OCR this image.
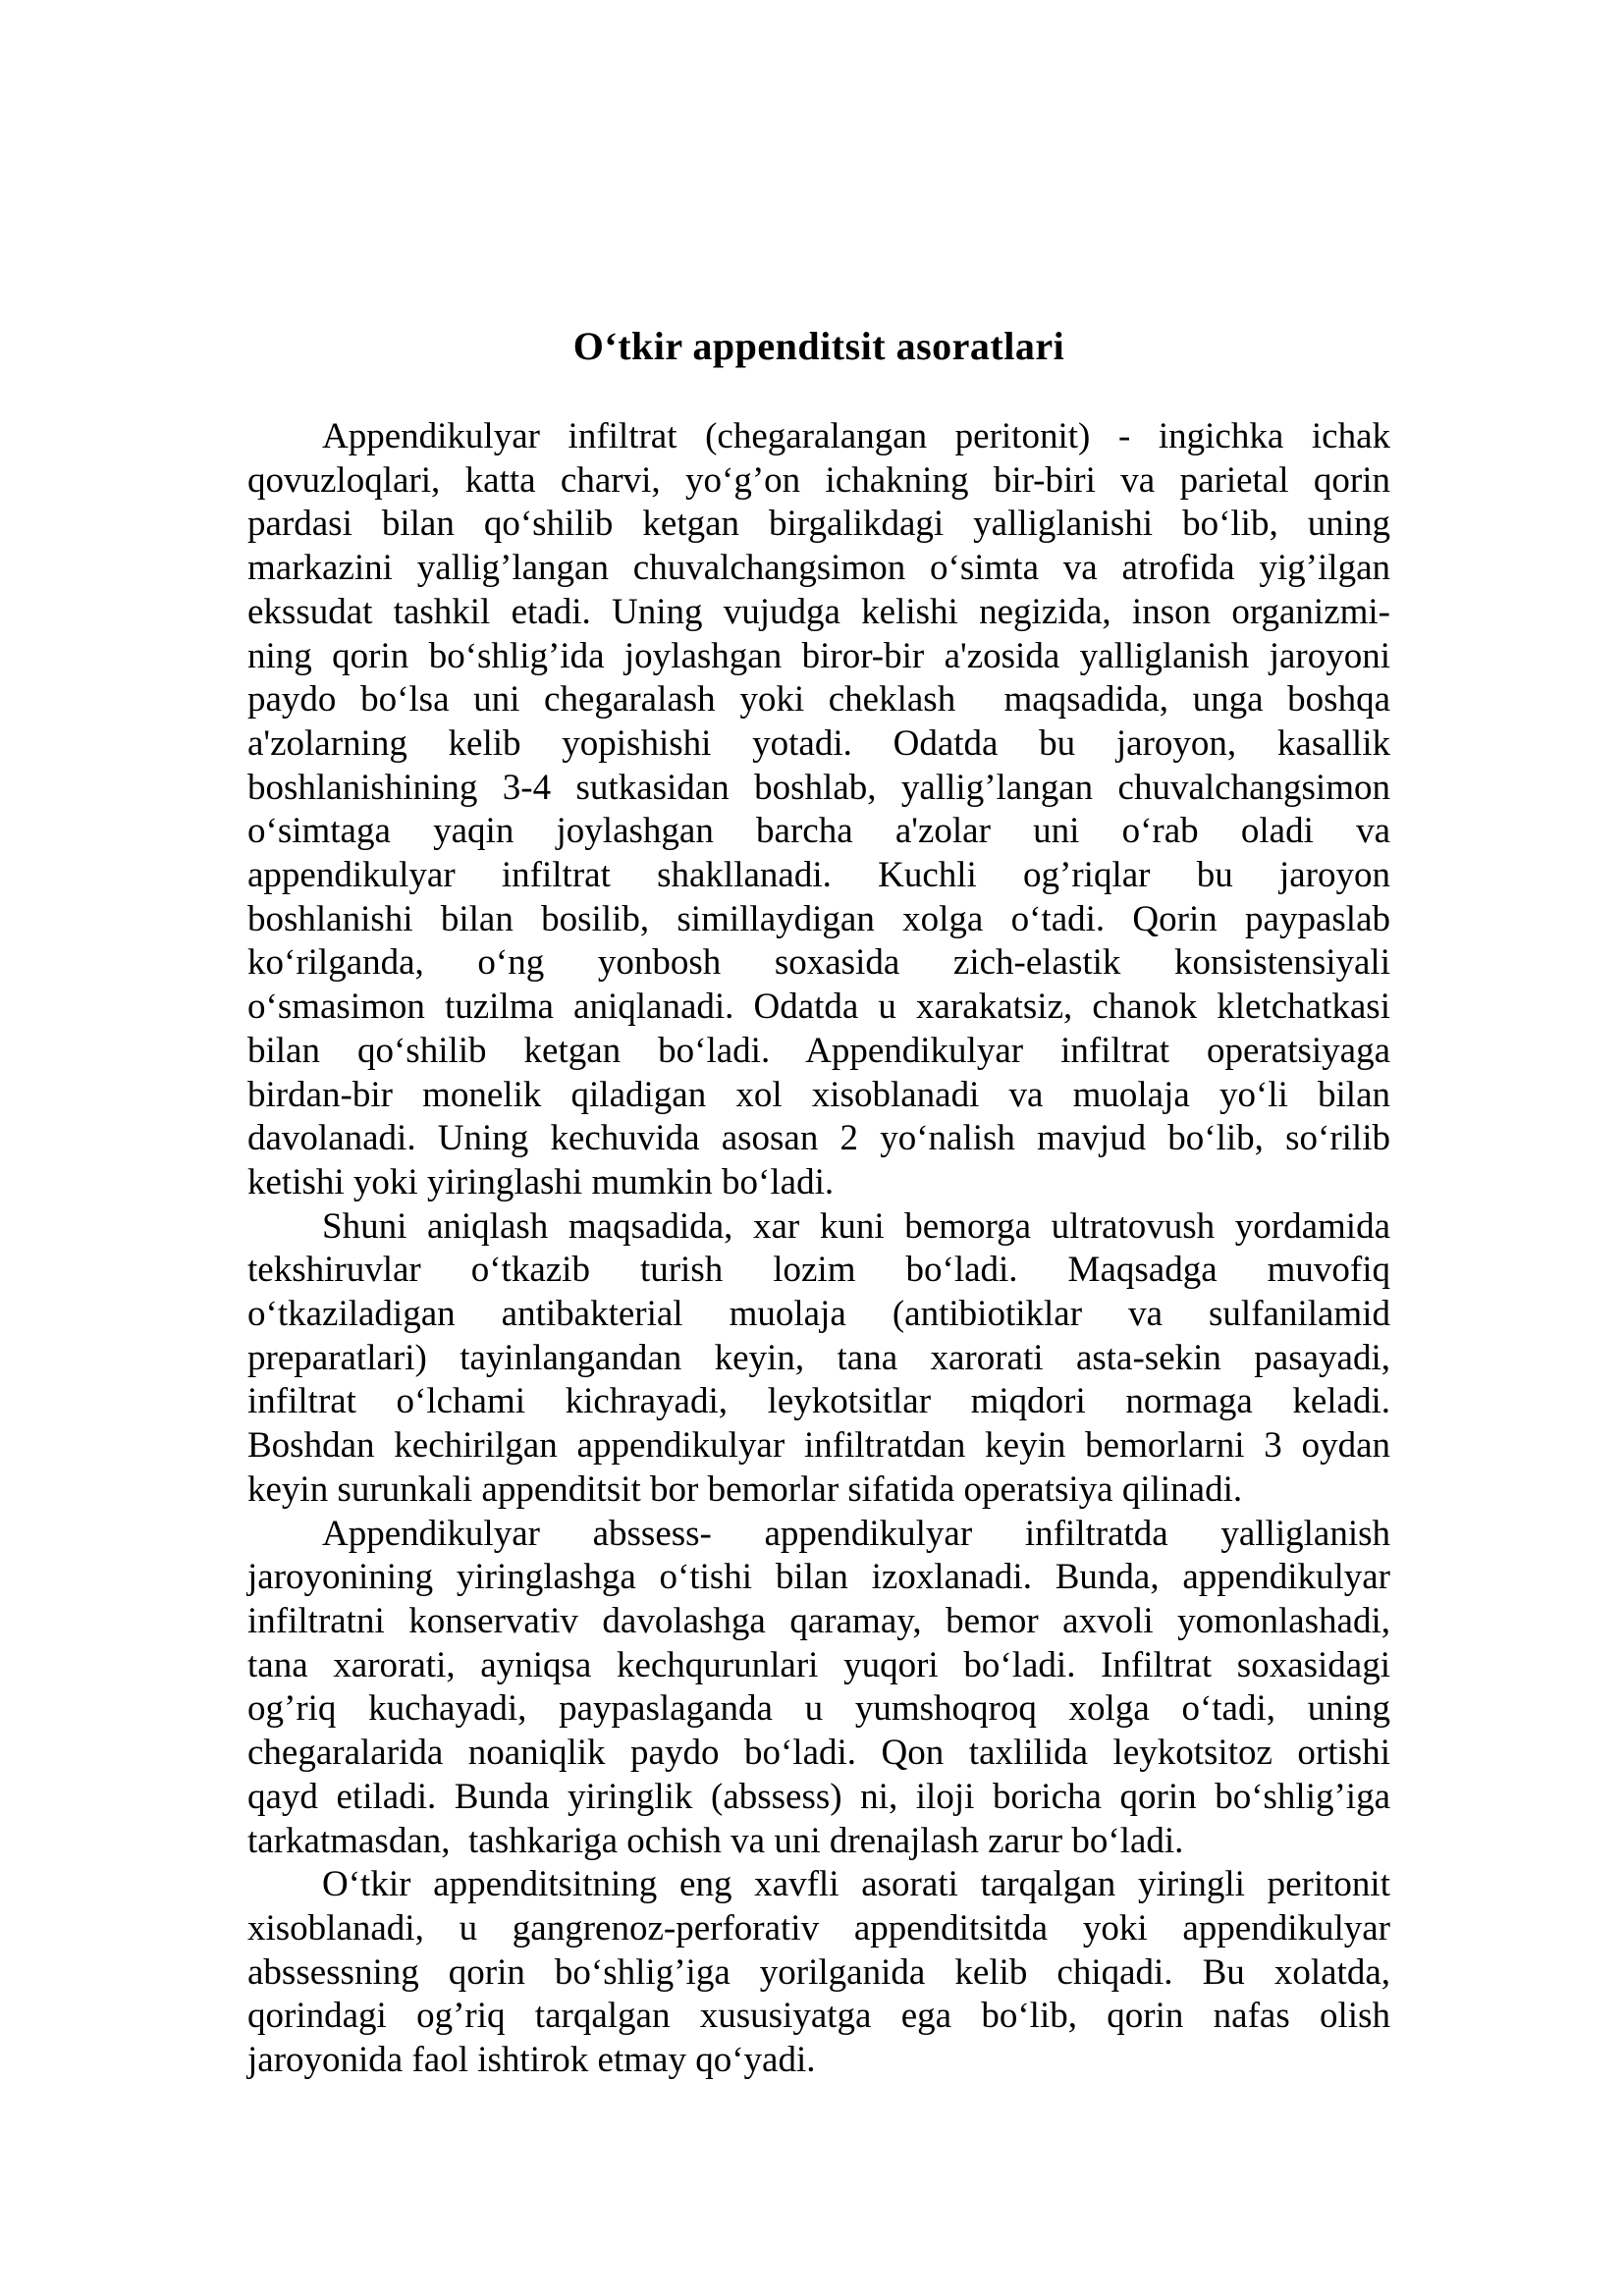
O‘tkir appenditsit asoratlari
Appendikulyar infiltrat (chegaralangan peritonit) - ingichka ichak
qovuzloqlari, katta charvi, yo‘g’on ichakning bir-biri va parietal qorin
pardasi bilan qo‘shilib ketgan birgalikdagi yalliglanishi bo‘lib, uning
markazini yallig’langan chuvalchangsimon o‘simta va atrofida yig’ilgan
ekssudat tashkil etadi. Uning vujudga kelishi negizida, inson organizmi-
ning qorin bo‘shlig’ida joylashgan biror-bir a'zosida yalliglanish jaroyoni
paydo bo‘lsa uni chegaralash yoki cheklash  maqsadida, unga boshqa
a'zolarning kelib yopishishi yotadi. Odatda bu jaroyon, kasallik
boshlanishining 3-4 sutkasidan boshlab, yallig’langan chuvalchangsimon
o‘simtaga yaqin joylashgan barcha a'zolar uni o‘rab oladi va
appendikulyar infiltrat shakllanadi. Kuchli og’riqlar bu jaroyon
boshlanishi bilan bosilib, simillaydigan xolga o‘tadi. Qorin paypaslab
ko‘rilganda, o‘ng yonbosh soxasida zich-elastik konsistensiyali
o‘smasimon tuzilma aniqlanadi. Odatda u xarakatsiz, chanok kletchatkasi
bilan qo‘shilib ketgan bo‘ladi. Appendikulyar infiltrat operatsiyaga
birdan-bir monelik qiladigan xol xisoblanadi va muolaja yo‘li bilan
davolanadi. Uning kechuvida asosan 2 yo‘nalish mavjud bo‘lib, so‘rilib
ketishi yoki yiringlashi mumkin bo‘ladi.
Shuni aniqlash maqsadida, xar kuni bemorga ultratovush yordamida
tekshiruvlar o‘tkazib turish lozim bo‘ladi. Maqsadga muvofiq
o‘tkaziladigan antibakterial muolaja (antibiotiklar va sulfanilamid
preparatlari) tayinlangandan keyin, tana xarorati asta-sekin pasayadi,
infiltrat o‘lchami kichrayadi, leykotsitlar miqdori normaga keladi.
Boshdan kechirilgan appendikulyar infiltratdan keyin bemorlarni 3 oydan
keyin surunkali appenditsit bor bemorlar sifatida operatsiya qilinadi.
Appendikulyar abssess- appendikulyar infiltratda yalliglanish
jaroyonining yiringlashga o‘tishi bilan izoxlanadi. Bunda, appendikulyar
infiltratni konservativ davolashga qaramay, bemor axvoli yomonlashadi,
tana xarorati, ayniqsa kechqurunlari yuqori bo‘ladi. Infiltrat soxasidagi
og’riq kuchayadi, paypaslaganda u yumshoqroq xolga o‘tadi, uning
chegaralarida noaniqlik paydo bo‘ladi. Qon taxlilida leykotsitoz ortishi
qayd etiladi. Bunda yiringlik (abssess) ni, iloji boricha qorin bo‘shlig’iga
tarkatmasdan,  tashkariga ochish va uni drenajlash zarur bo‘ladi.
O‘tkir appenditsitning eng xavfli asorati tarqalgan yiringli peritonit
xisoblanadi, u gangrenoz-perforativ appenditsitda yoki appendikulyar
abssessning qorin bo‘shlig’iga yorilganida kelib chiqadi. Bu xolatda,
qorindagi og’riq tarqalgan xususiyatga ega bo‘lib, qorin nafas olish
jaroyonida faol ishtirok etmay qo‘yadi.
